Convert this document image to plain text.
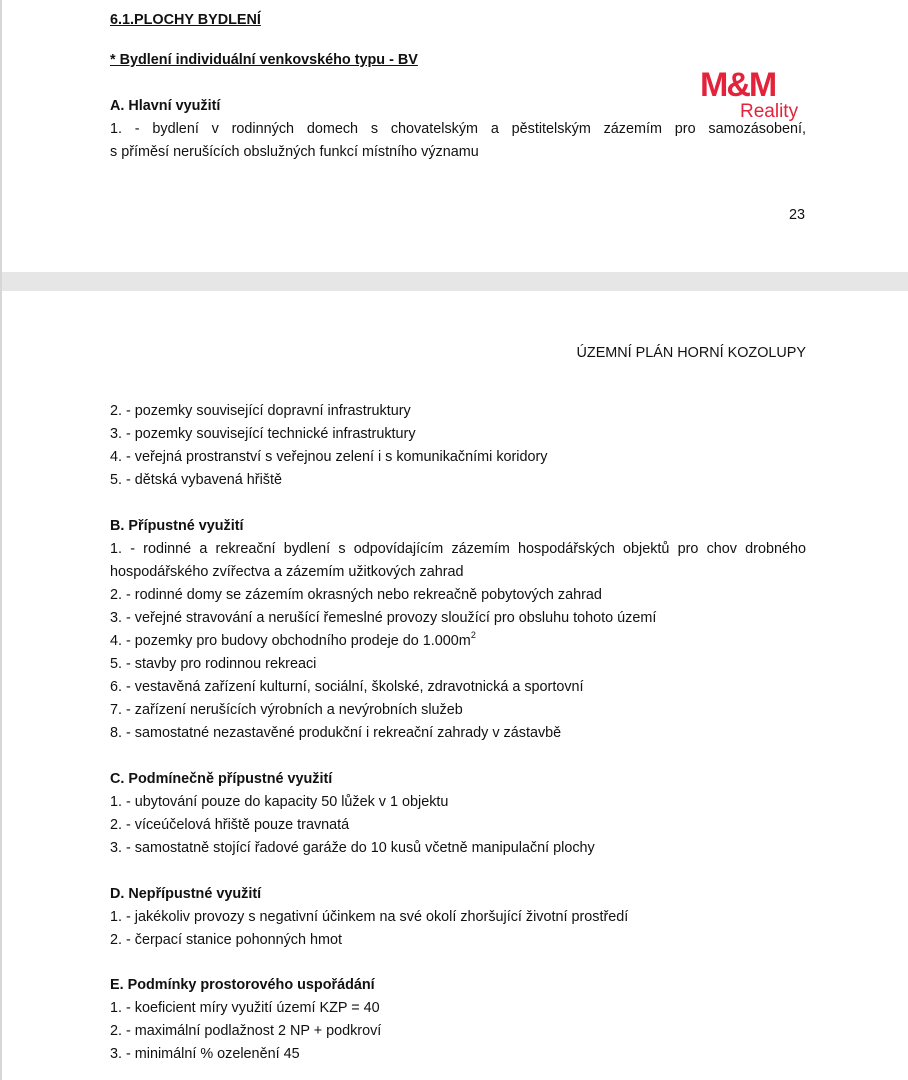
6.1.PLOCHY BYDLENÍ
* Bydlení individuální venkovského typu - BV
A. Hlavní využití
1. - bydlení v rodinných domech s chovatelským a pěstitelským zázemím pro samozásobení,
s příměsí nerušících obslužných funkcí místního významu
23
M&M
Reality
ÚZEMNÍ PLÁN HORNÍ KOZOLUPY
2. - pozemky související dopravní infrastruktury
3. - pozemky související technické infrastruktury
4. - veřejná prostranství s veřejnou zelení i s komunikačními koridory
5. - dětská vybavená hřiště
B. Přípustné využití
1. - rodinné a rekreační bydlení s odpovídajícím zázemím hospodářských objektů pro chov drobného
hospodářského zvířectva a zázemím užitkových zahrad
2. - rodinné domy se zázemím okrasných nebo rekreačně pobytových zahrad
3. - veřejné stravování a nerušící řemeslné provozy sloužící pro obsluhu tohoto území
4. - pozemky pro budovy obchodního prodeje do $1.000m^2$
5. - stavby pro rodinnou rekreaci
6. - vestavěná zařízení kulturní, sociální, školské, zdravotnická a sportovní
7. - zařízení nerušících výrobních a nevýrobních služeb
8. - samostatné nezastavěné produkční i rekreační zahrady v zástavbě
C. Podmínečně přípustné využití
1. - ubytování pouze do kapacity 50 lůžek v 1 objektu
2. - víceúčelová hřiště pouze travnatá
3. - samostatně stojící řadové garáže do 10 kusů včetně manipulační plochy
D. Nepřípustné využití
1. - jakékoliv provozy s negativní účinkem na své okolí zhoršující životní prostředí
2. - čerpací stanice pohonných hmot
E. Podmínky prostorového uspořádání
1. - koeficient míry využití území KZP = 40
2. - maximální podlažnost 2 NP + podkroví
3. - minimální % ozelenění 45
